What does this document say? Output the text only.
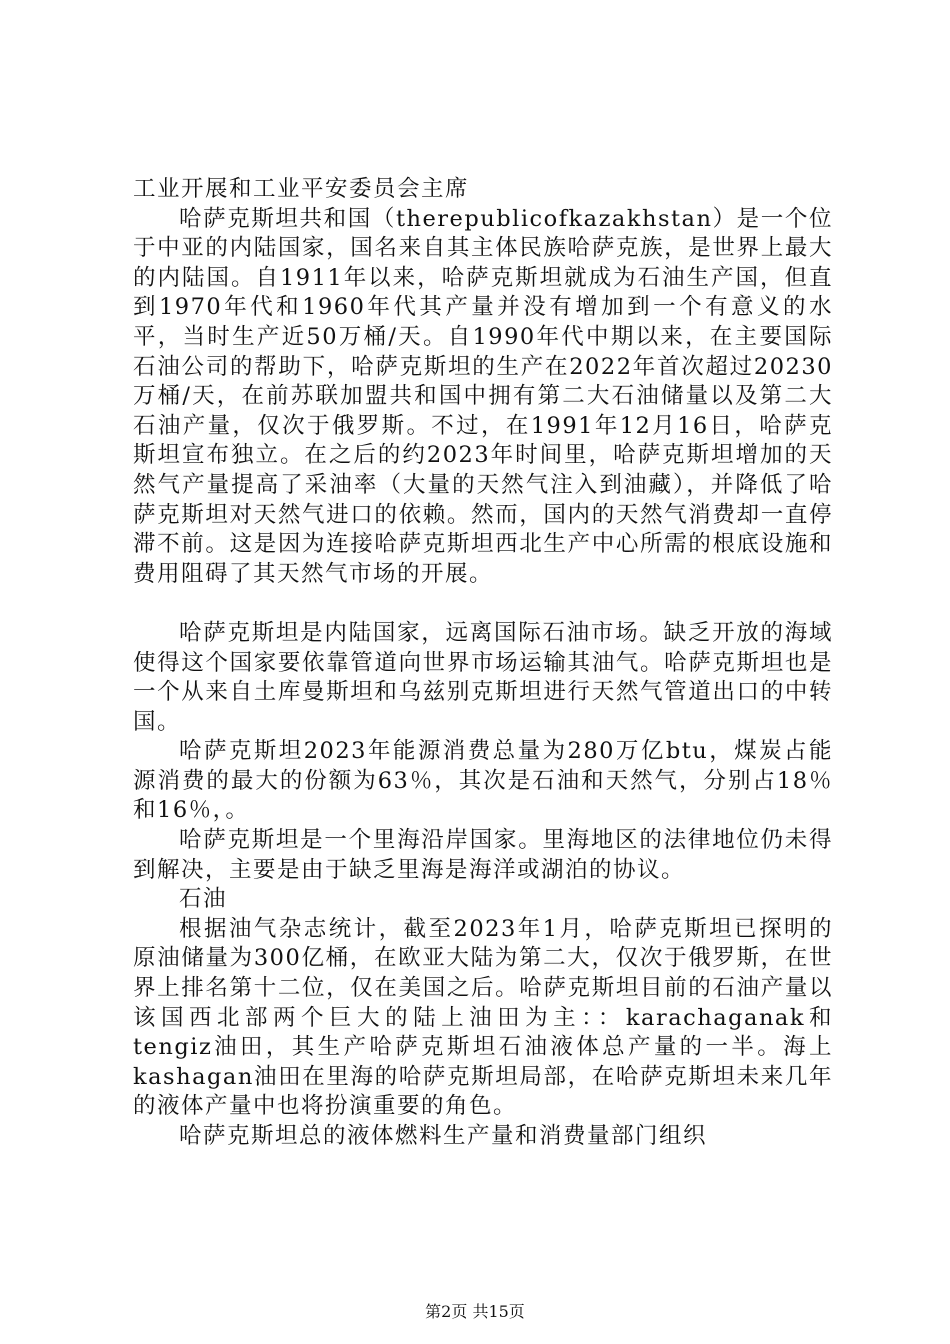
工业开展和工业平安委员会主席

哈萨克斯坦共和国（therepublicofkazakhstan）是一个位于中亚的内陆国家，国名来自其主体民族哈萨克族，是世界上最大的内陆国。自1911年以来，哈萨克斯坦就成为石油生产国，但直到1970年代和1960年代其产量并没有增加到一个有意义的水平，当时生产近50万桶/天。自1990年代中期以来，在主要国际石油公司的帮助下，哈萨克斯坦的生产在2022年首次超过20230万桶/天，在前苏联加盟共和国中拥有第二大石油储量以及第二大石油产量，仅次于俄罗斯。不过，在1991年12月16日，哈萨克斯坦宣布独立。在之后的约2023年时间里，哈萨克斯坦增加的天然气产量提高了采油率（大量的天然气注入到油藏），并降低了哈萨克斯坦对天然气进口的依赖。然而，国内的天然气消费却一直停滞不前。这是因为连接哈萨克斯坦西北生产中心所需的根底设施和费用阻碍了其天然气市场的开展。

哈萨克斯坦是内陆国家，远离国际石油市场。缺乏开放的海域使得这个国家要依靠管道向世界市场运输其油气。哈萨克斯坦也是一个从来自土库曼斯坦和乌兹别克斯坦进行天然气管道出口的中转国。

哈萨克斯坦2023年能源消费总量为280万亿btu，煤炭占能源消费的最大的份额为63％，其次是石油和天然气，分别占18％和16％，。

哈萨克斯坦是一个里海沿岸国家。里海地区的法律地位仍未得到解决，主要是由于缺乏里海是海洋或湖泊的协议。

石油

根据油气杂志统计，截至2023年1月，哈萨克斯坦已探明的原油储量为300亿桶，在欧亚大陆为第二大，仅次于俄罗斯，在世界上排名第十二位，仅在美国之后。哈萨克斯坦目前的石油产量以该国西北部两个巨大的陆上油田为主：：karachaganak和tengiz油田，其生产哈萨克斯坦石油液体总产量的一半。海上kashagan油田在里海的哈萨克斯坦局部，在哈萨克斯坦未来几年的液体产量中也将扮演重要的角色。

哈萨克斯坦总的液体燃料生产量和消费量部门组织

第2页 共15页
